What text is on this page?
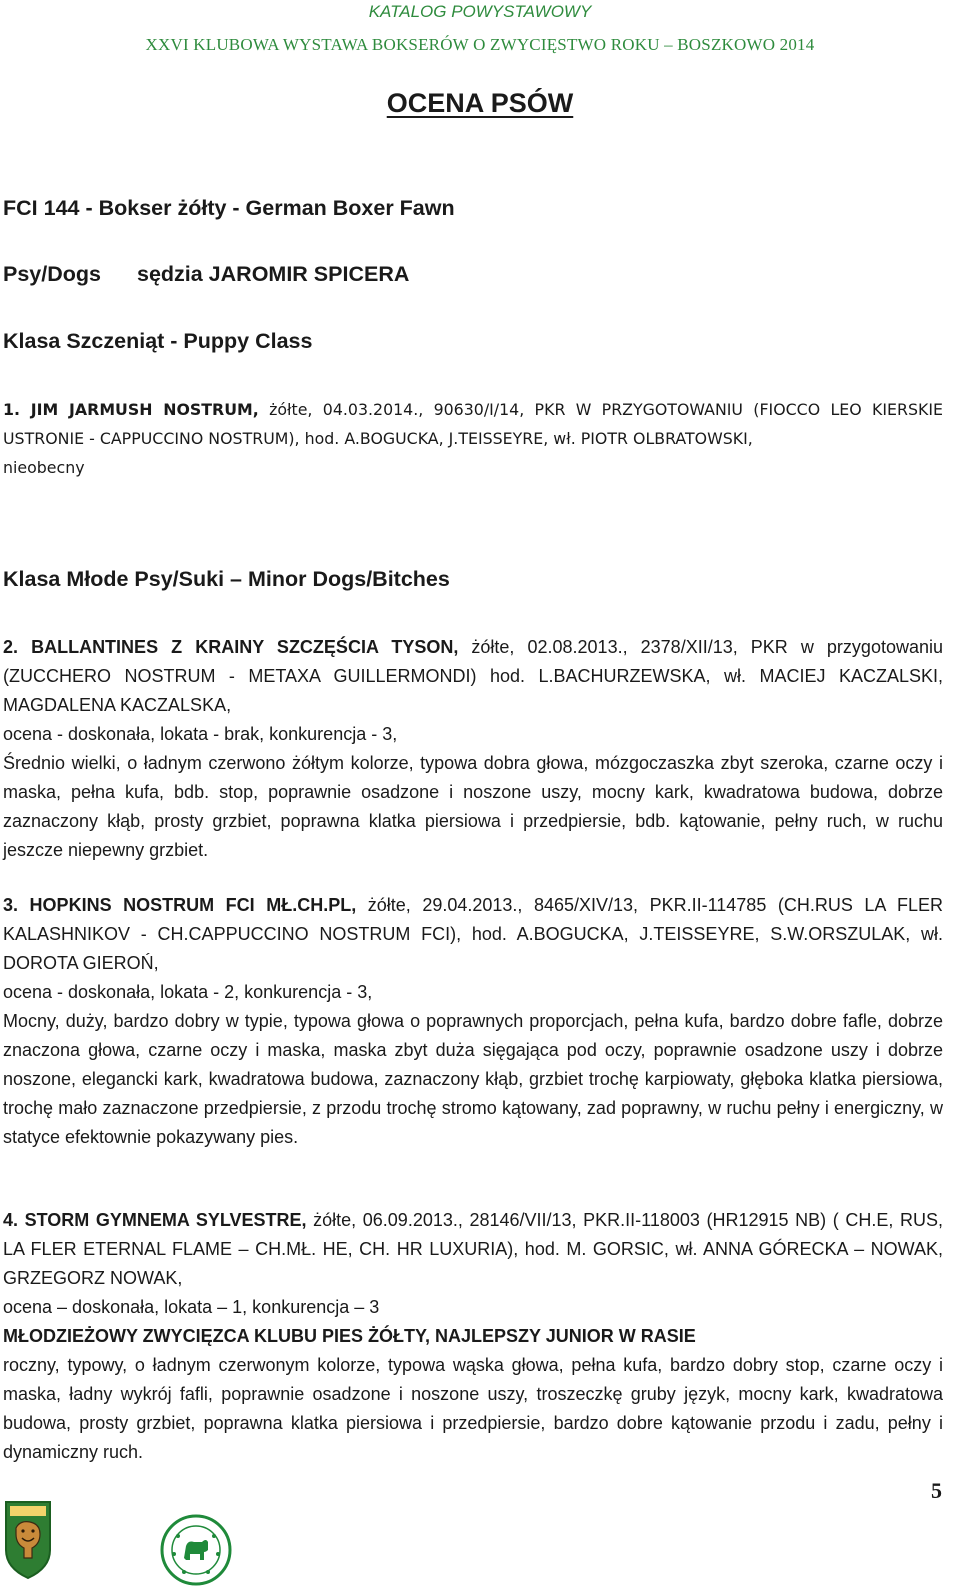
KATALOG POWYSTAWOWY
XXVI KLUBOWA WYSTAWA BOKSERÓW O ZWYCIĘSTWO ROKU – BOSZKOWO 2014
OCENA PSÓW
FCI 144 - Bokser żółty - German Boxer Fawn
Psy/Dogs sędzia JAROMIR SPICERA
Klasa Szczeniąt - Puppy Class

1. JIM JARMUSH NOSTRUM, żółte, 04.03.2014., 90630/I/14, PKR W PRZYGOTOWANIU (FIOCCO LEO KIERSKIE USTRONIE - CAPPUCCINO NOSTRUM), hod. A.BOGUCKA, J.TEISSEYRE, wł. PIOTR OLBRATOWSKI,

nieobecny

Klasa Młode Psy/Suki – Minor Dogs/Bitches

2. BALLANTINES Z KRAINY SZCZĘŚCIA TYSON, żółte, 02.08.2013., 2378/XII/13, PKR w przygotowaniu (ZUCCHERO NOSTRUM - METAXA GUILLERMONDI) hod. L.BACHURZEWSKA, wł. MACIEJ KACZALSKI, MAGDALENA KACZALSKA,

ocena - doskonała, lokata - brak, konkurencja - 3,

Średnio wielki, o ładnym czerwono żółtym kolorze, typowa dobra głowa, mózgoczaszka zbyt szeroka, czarne oczy i maska, pełna kufa, bdb. stop, poprawnie osadzone i noszone uszy, mocny kark, kwadratowa budowa, dobrze zaznaczony kłąb, prosty grzbiet, poprawna klatka piersiowa i przedpiersie, bdb. kątowanie, pełny ruch, w ruchu jeszcze niepewny grzbiet.

3. HOPKINS NOSTRUM FCI MŁ.CH.PL, żółte, 29.04.2013., 8465/XIV/13, PKR.II-114785 (CH.RUS LA FLER KALASHNIKOV - CH.CAPPUCCINO NOSTRUM FCI), hod. A.BOGUCKA, J.TEISSEYRE, S.W.ORSZULAK, wł. DOROTA GIEROŃ,

ocena - doskonała, lokata - 2, konkurencja - 3,

Mocny, duży, bardzo dobry w typie, typowa głowa o poprawnych proporcjach, pełna kufa, bardzo dobre fafle, dobrze znaczona głowa, czarne oczy i maska, maska zbyt duża sięgająca pod oczy, poprawnie osadzone uszy i dobrze noszone, elegancki kark, kwadratowa budowa, zaznaczony kłąb, grzbiet trochę karpiowaty, głęboka klatka piersiowa, trochę mało zaznaczone przedpiersie, z przodu trochę stromo kątowany, zad poprawny, w ruchu pełny i energiczny, w statyce efektownie pokazywany pies.

4. STORM GYMNEMA SYLVESTRE, żółte, 06.09.2013., 28146/VII/13, PKR.II-118003 (HR12915 NB) ( CH.E, RUS, LA FLER ETERNAL FLAME – CH.MŁ. HE, CH. HR LUXURIA), hod. M. GORSIC, wł. ANNA GÓRECKA – NOWAK, GRZEGORZ NOWAK,

ocena – doskonała, lokata – 1, konkurencja – 3

MŁODZIEŻOWY ZWYCIĘZCA KLUBU PIES ŻÓŁTY, NAJLEPSZY JUNIOR W RASIE

roczny, typowy, o ładnym czerwonym kolorze, typowa wąska głowa, pełna kufa, bardzo dobry stop, czarne oczy i maska, ładny wykrój fafli, poprawnie osadzone i noszone uszy, troszeczkę gruby język, mocny kark, kwadratowa budowa, prosty grzbiet, poprawna klatka piersiowa i przedpiersie, bardzo dobre kątowanie przodu i zadu, pełny i dynamiczny ruch.

5
